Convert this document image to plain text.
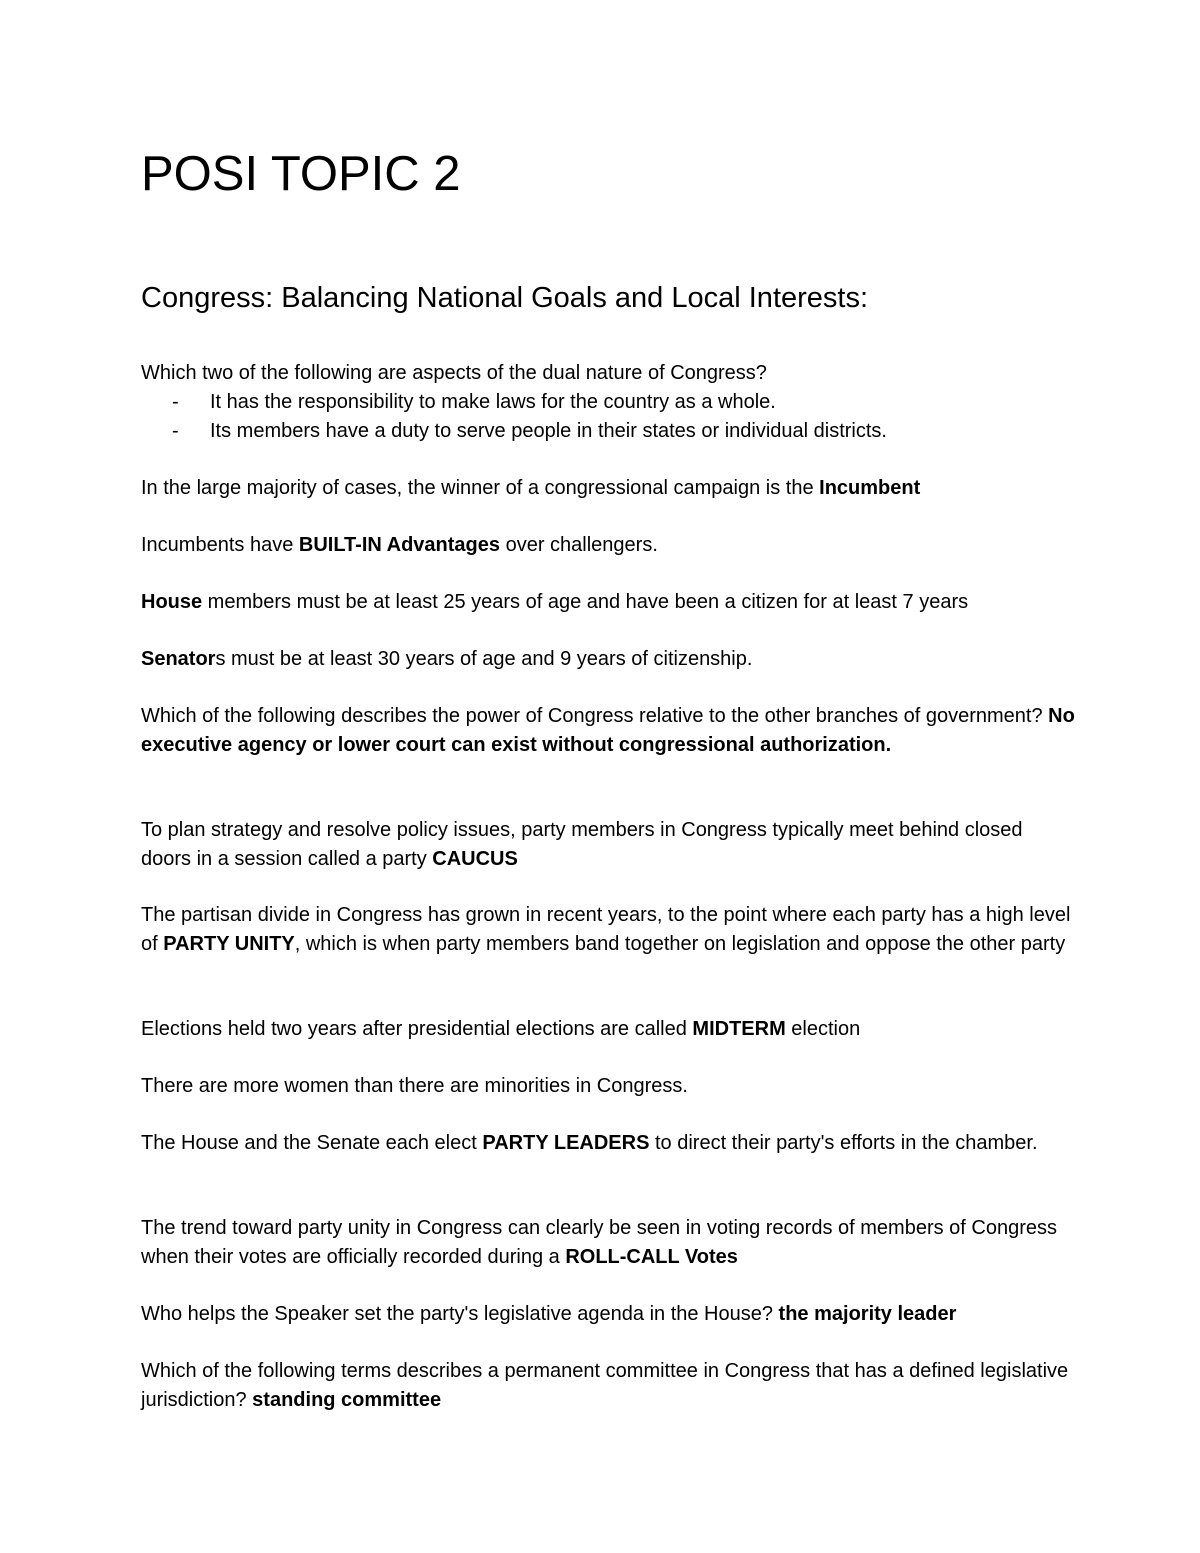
POSI TOPIC 2
Congress: Balancing National Goals and Local Interests:

Which two of the following are aspects of the dual nature of Congress?

- It has the responsibility to make laws for the country as a whole.

- Its members have a duty to serve people in their states or individual districts.

In the large majority of cases, the winner of a congressional campaign is the Incumbent

Incumbents have BUILT-IN Advantages over challengers.

House members must be at least 25 years of age and have been a citizen for at least 7 years

Senators must be at least 30 years of age and 9 years of citizenship.

Which of the following describes the power of Congress relative to the other branches of government? No executive agency or lower court can exist without congressional authorization.

To plan strategy and resolve policy issues, party members in Congress typically meet behind closed doors in a session called a party CAUCUS

The partisan divide in Congress has grown in recent years, to the point where each party has a high level of PARTY UNITY, which is when party members band together on legislation and oppose the other party

Elections held two years after presidential elections are called MIDTERM election

There are more women than there are minorities in Congress.

The House and the Senate each elect PARTY LEADERS to direct their party's efforts in the chamber.

The trend toward party unity in Congress can clearly be seen in voting records of members of Congress when their votes are officially recorded during a ROLL-CALL Votes

Who helps the Speaker set the party's legislative agenda in the House? the majority leader

Which of the following terms describes a permanent committee in Congress that has a defined legislative jurisdiction? standing committee
